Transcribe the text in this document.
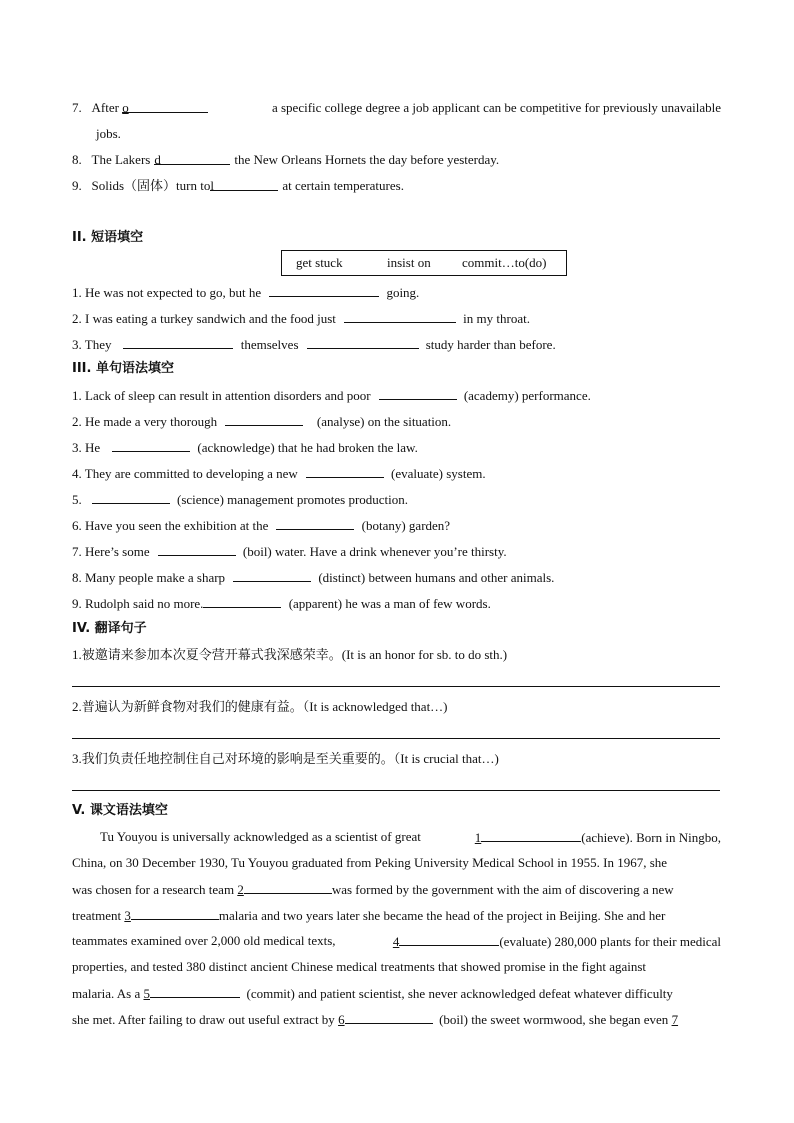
7. After o	a specific college degree a job applicant can be competitive for previously unavailable
jobs.
8. The Lakers d	the New Orleans Hornets the day before yesterday.
9. Solids（固体）turn tol	at certain temperatures.
II. 短语填空
get stuck	insist on commit…to(do)
1. He was not expected to go, but he	going.
2. I was eating a turkey sandwich and the food just	in my throat.
3. They	themselves	study harder than before.
III. 单句语法填空
1. Lack of sleep can result in attention disorders and poor	(academy) performance.
2. He made a very thorough	(analyse) on the situation.
3. He	(acknowledge) that he had broken the law.
4. They are committed to developing a new	(evaluate) system.
5.	(science) management promotes production.
6. Have you seen the exhibition at the	(botany) garden?
7. Here’s some	(boil) water. Have a drink whenever you’re thirsty.
8. Many people make a sharp	(distinct) between humans and other animals.
9. Rudolph said no more.	(apparent) he was a man of few words.
IV. 翻译句子
1.被邀请来参加本次夏令营开幕式我深感荣幸。(It is an honor for sb. to do sth.)
2.普遍认为新鲜食物对我们的健康有益。（It is acknowledged that…)
3.我们负责任地控制住自己对环境的影响是至关重要的。（It is crucial that…)
V. 课文语法填空
Tu Youyou is universally acknowledged as a scientist of great	1	(achieve). Born in Ningbo,
China, on 30 December 1930, Tu Youyou graduated from Peking University Medical School in 1955. In 1967, she
was chosen for a research team 2	was formed by the government with the aim of discovering a new
treatment 3	malaria and two years later she became the head of the project in Beijing. She and her
teammates examined over 2,000 old medical texts,	4	(evaluate) 280,000 plants for their medical
properties, and tested 380 distinct ancient Chinese medical treatments that showed promise in the fight against
malaria. As a 5	(commit) and patient scientist, she never acknowledged defeat whatever difficulty
she met. After failing to draw out useful extract by 6	(boil) the sweet wormwood, she began even 7
